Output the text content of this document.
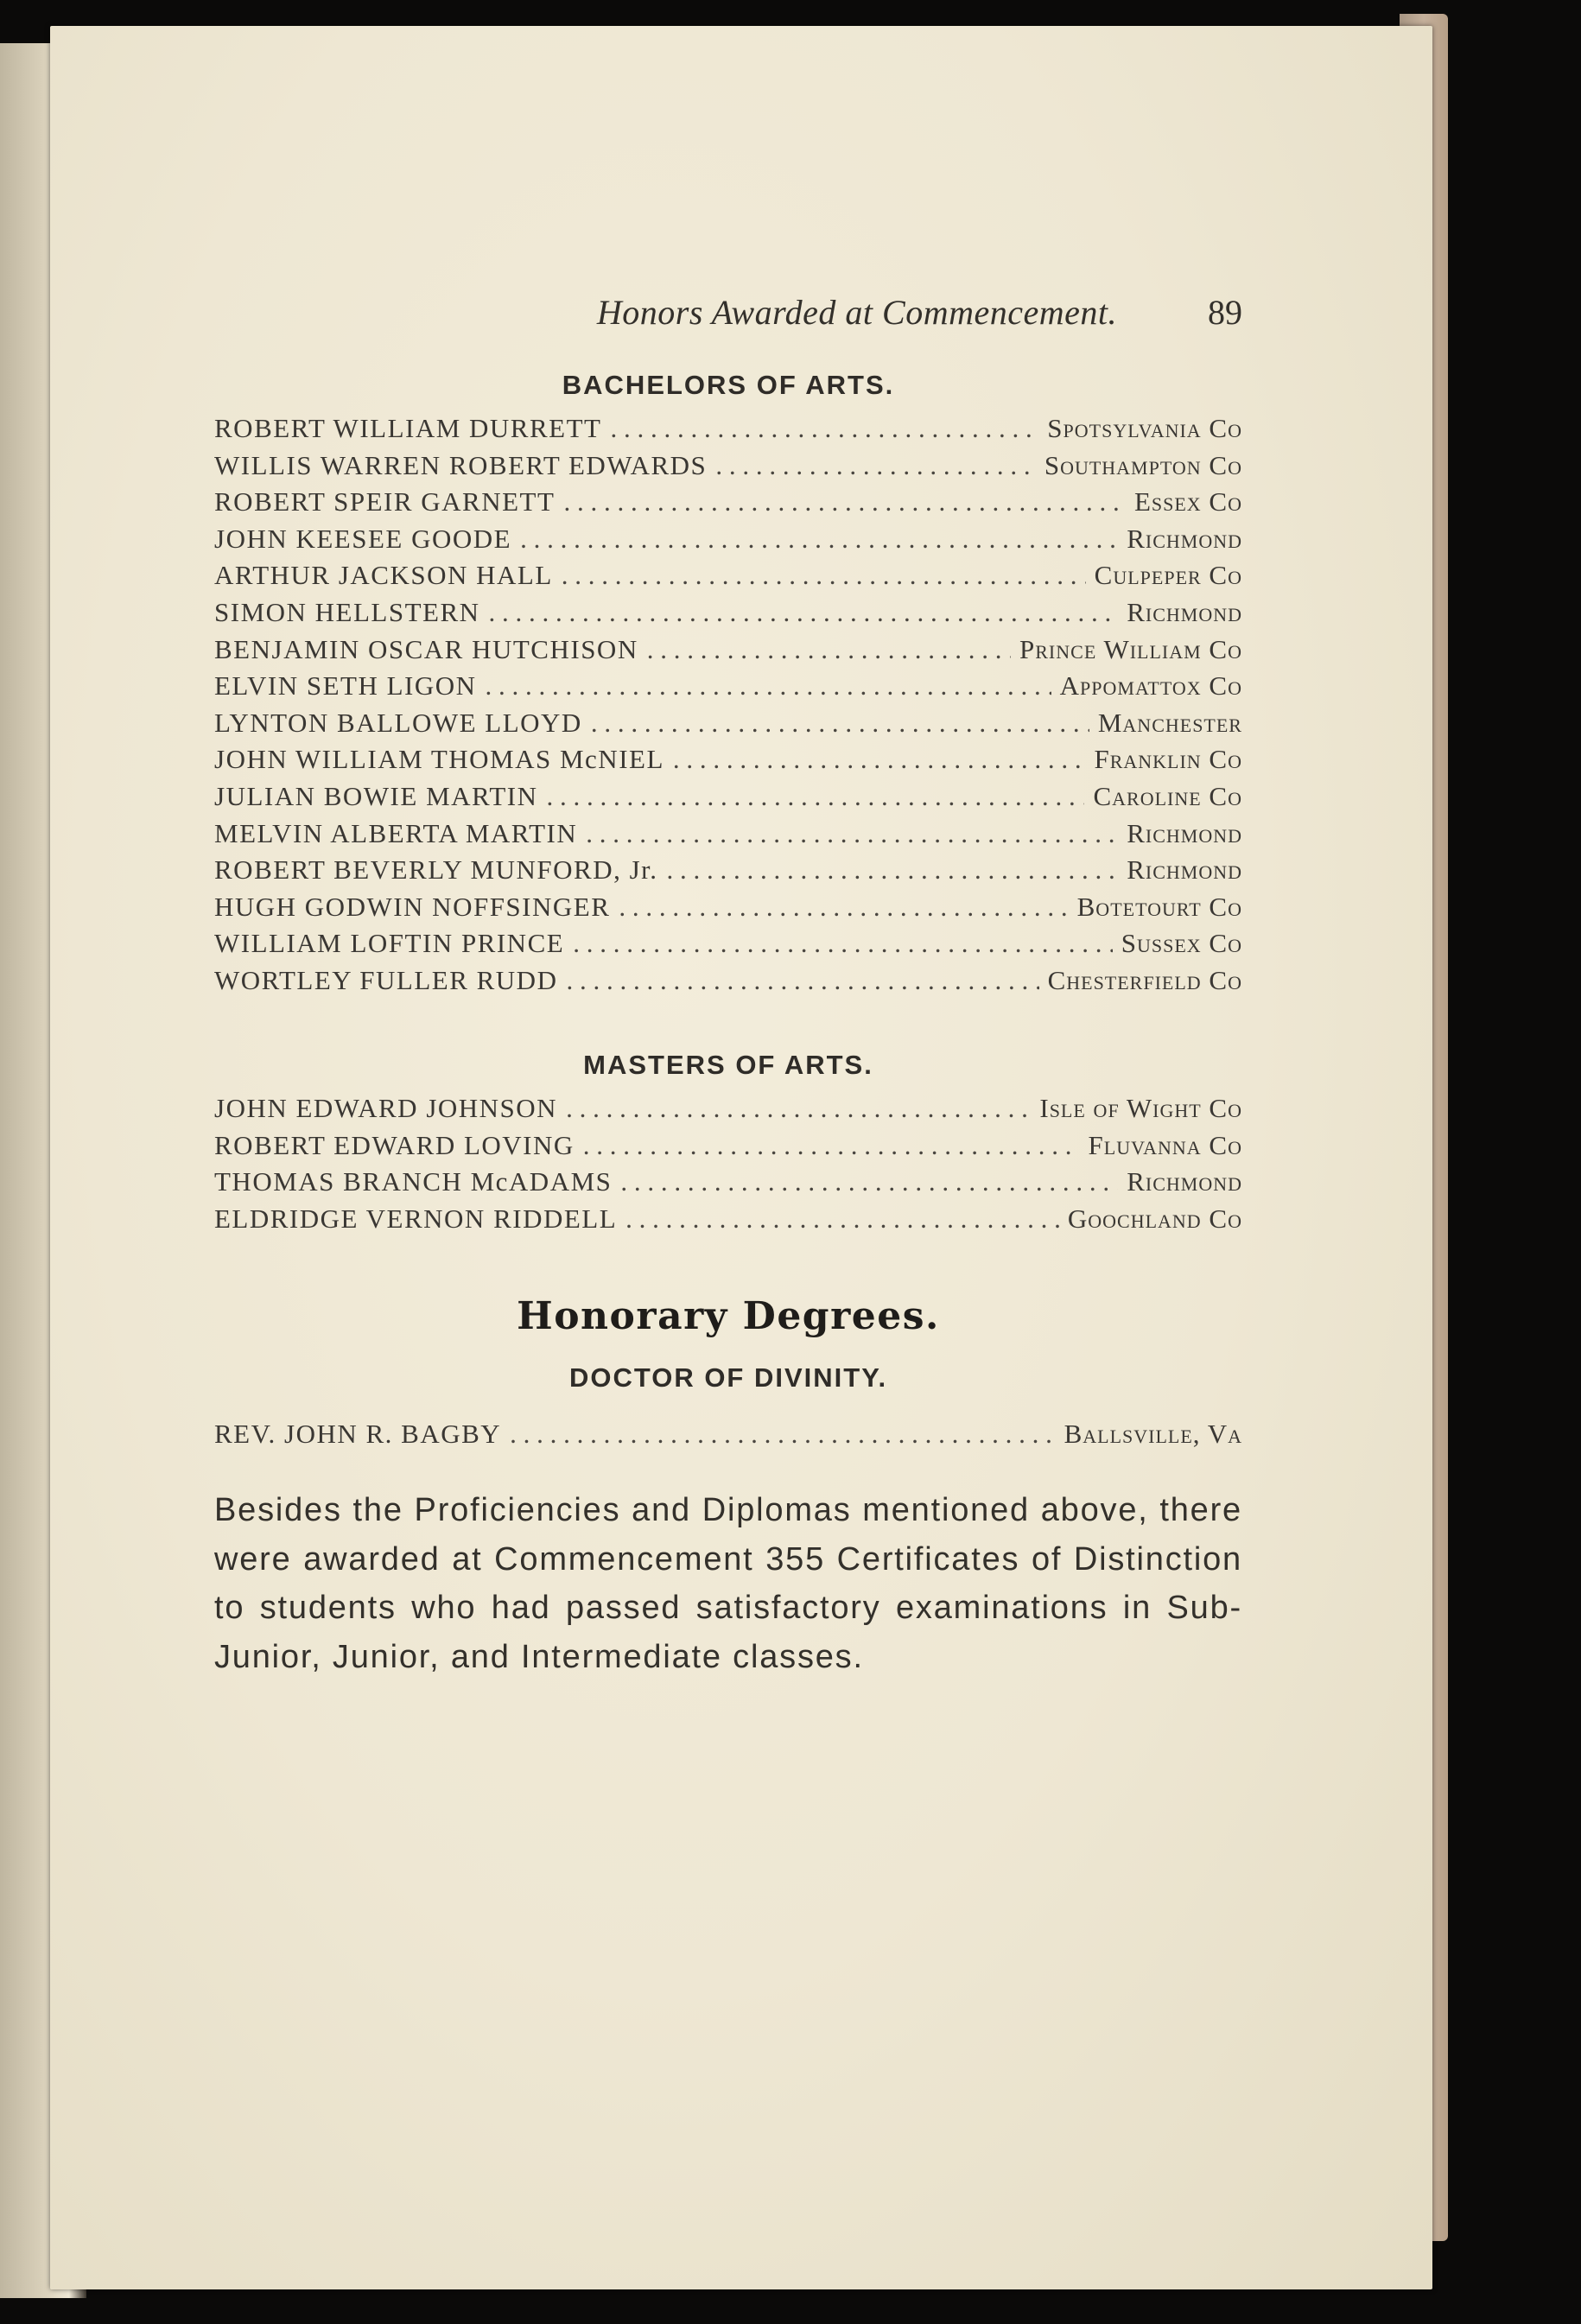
Honors Awarded at Commencement.	89
BACHELORS OF ARTS.
ROBERT WILLIAM DURRETT . . .	Spotsylvania Co
WILLIS WARREN ROBERT EDWARDS . . .	Southampton Co
ROBERT SPEIR GARNETT . . .	Essex Co
JOHN KEESEE GOODE . . .	Richmond
ARTHUR JACKSON HALL . . .	Culpeper Co
SIMON HELLSTERN . . .	Richmond
BENJAMIN OSCAR HUTCHISON . . .	Prince William Co
ELVIN SETH LIGON . . .	Appomattox Co
LYNTON BALLOWE LLOYD . . .	Manchester
JOHN WILLIAM THOMAS McNIEL . . .	Franklin Co
JULIAN BOWIE MARTIN . . .	Caroline Co
MELVIN ALBERTA MARTIN . . .	Richmond
ROBERT BEVERLY MUNFORD, Jr. . . .	Richmond
HUGH GODWIN NOFFSINGER . . .	Botetourt Co
WILLIAM LOFTIN PRINCE . . .	Sussex Co
WORTLEY FULLER RUDD . . .	Chesterfield Co
MASTERS OF ARTS.
JOHN EDWARD JOHNSON . . .	Isle of Wight Co
ROBERT EDWARD LOVING . . .	Fluvanna Co
THOMAS BRANCH McADAMS . . .	Richmond
ELDRIDGE VERNON RIDDELL . . .	Goochland Co
Honorary Degrees.
DOCTOR OF DIVINITY.
REV. JOHN R. BAGBY . . .	Ballsville, Va
Besides the Proficiencies and Diplomas mentioned above, there were awarded at Commencement 355 Certificates of Distinction to students who had passed satisfactory examinations in Sub-Junior, Junior, and Intermediate classes.
